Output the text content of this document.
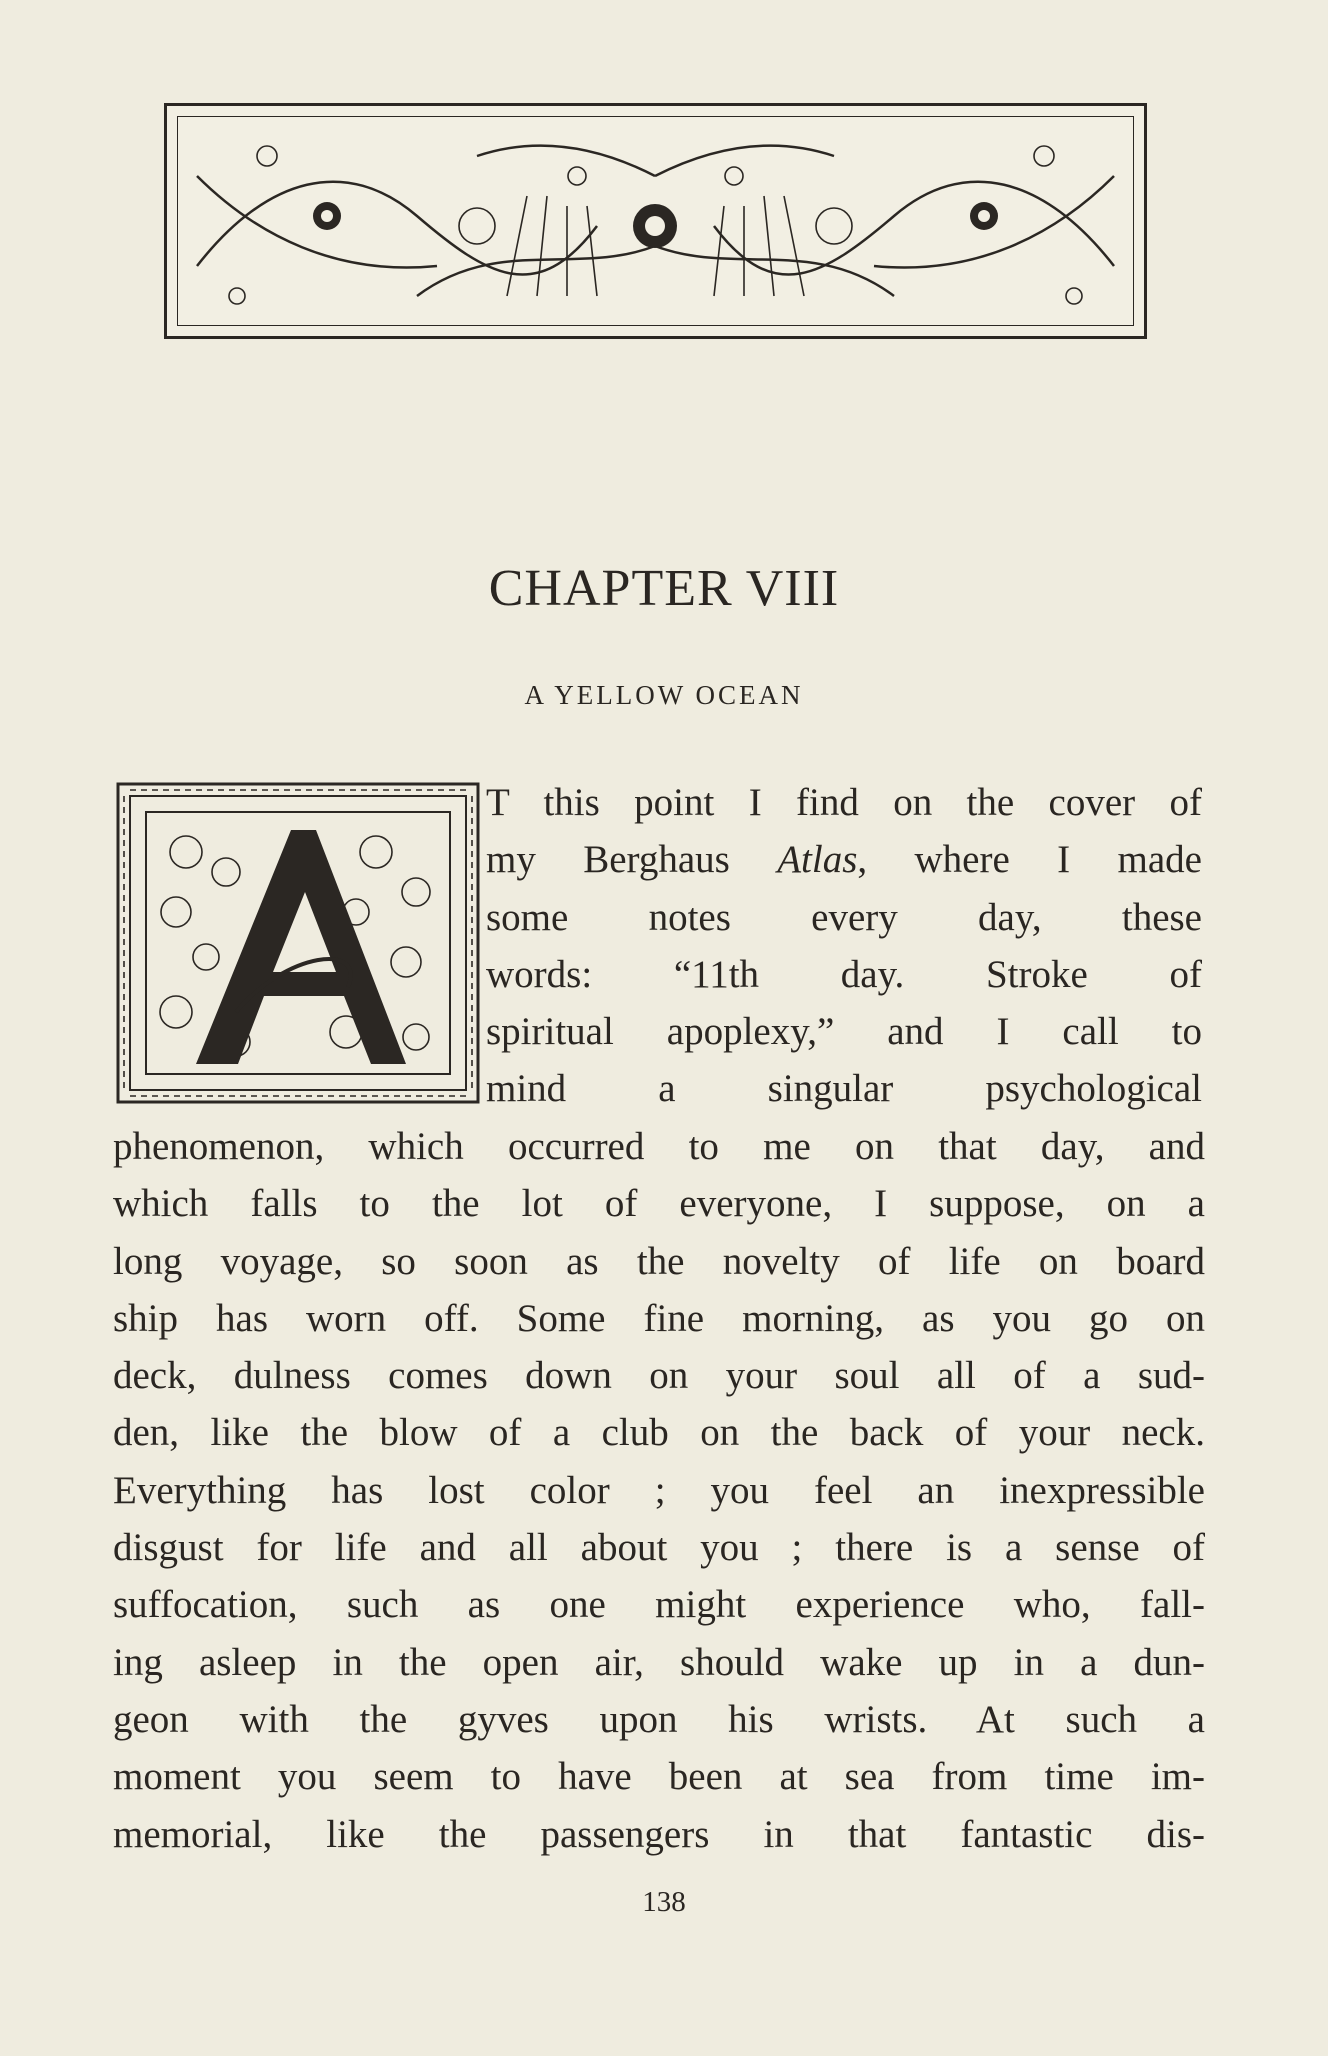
CHAPTER VIII
A YELLOW OCEAN
A	T this point I find on the cover of
my Berghaus Atlas, where I made
some notes every day, these
words: “11th day. Stroke of
spiritual apoplexy,” and I call to
mind a singular psychological
phenomenon, which occurred to me on that day, and
which falls to the lot of everyone, I suppose, on a
long voyage, so soon as the novelty of life on board
ship has worn off. Some fine morning, as you go on
deck, dulness comes down on your soul all of a sud-
den, like the blow of a club on the back of your neck.
Everything has lost color ; you feel an inexpressible
disgust for life and all about you ; there is a sense of
suffocation, such as one might experience who, fall-
ing asleep in the open air, should wake up in a dun-
geon with the gyves upon his wrists. At such a
moment you seem to have been at sea from time im-
memorial, like the passengers in that fantastic dis-
138
